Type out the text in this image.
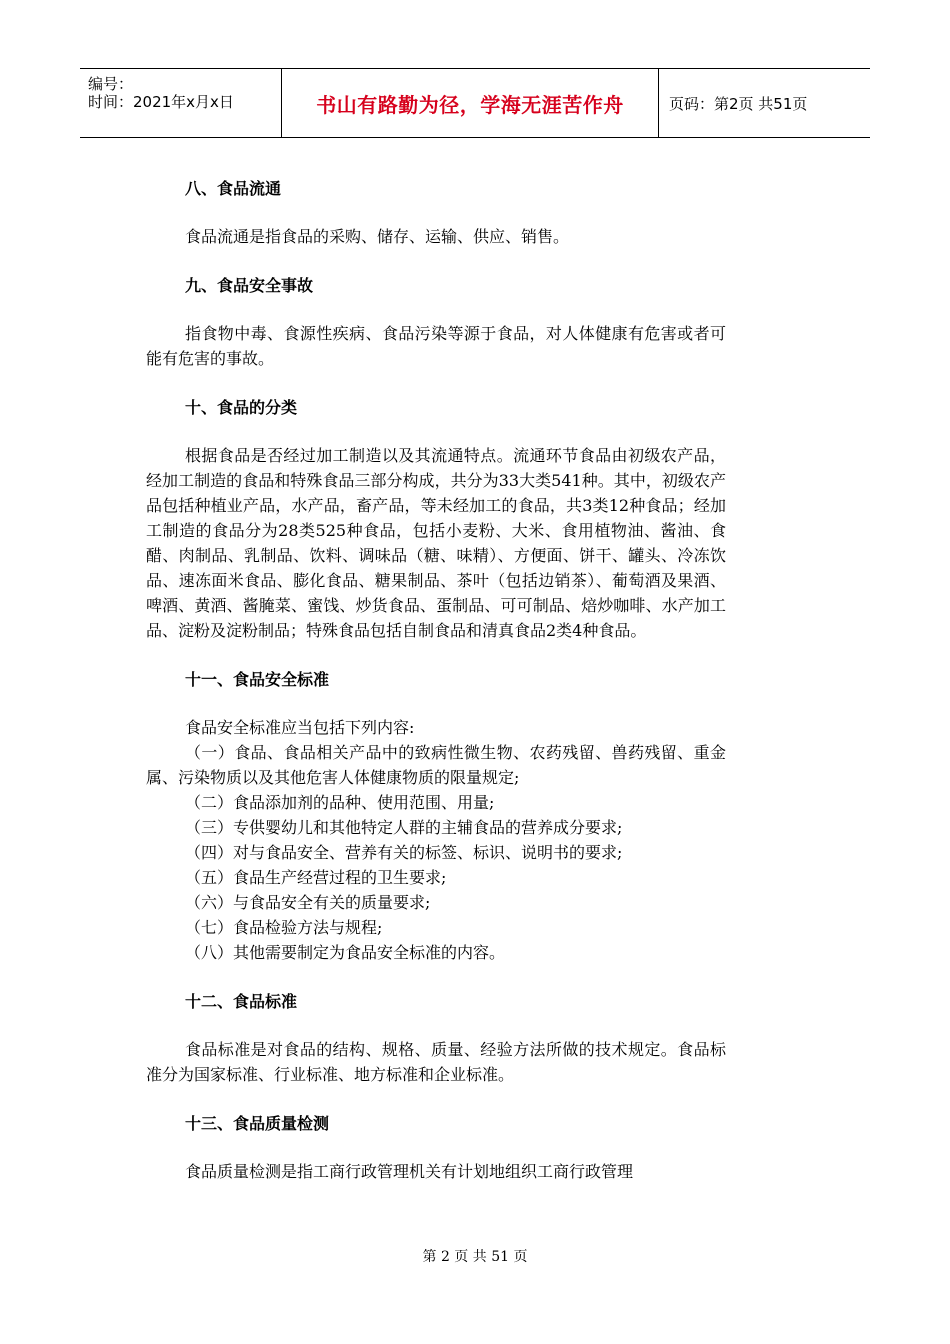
编号：
时间：2021年x月x日	书山有路勤为径，学海无涯苦作舟	页码：第2页 共51页
八、食品流通

食品流通是指食品的采购、储存、运输、供应、销售。

九、食品安全事故

指食物中毒、食源性疾病、食品污染等源于食品，对人体健康有危害或者可能有危害的事故。

十、食品的分类

根据食品是否经过加工制造以及其流通特点。流通环节食品由初级农产品，经加工制造的食品和特殊食品三部分构成，共分为33大类541种。其中，初级农产品包括种植业产品，水产品，畜产品，等未经加工的食品，共3类12种食品；经加工制造的食品分为28类525种食品，包括小麦粉、大米、食用植物油、酱油、食醋、肉制品、乳制品、饮料、调味品（糖、味精）、方便面、饼干、罐头、冷冻饮品、速冻面米食品、膨化食品、糖果制品、茶叶（包括边销茶）、葡萄酒及果酒、啤酒、黄酒、酱腌菜、蜜饯、炒货食品、蛋制品、可可制品、焙炒咖啡、水产加工品、淀粉及淀粉制品；特殊食品包括自制食品和清真食品2类4种食品。

十一、食品安全标准

食品安全标准应当包括下列内容:

（一）食品、食品相关产品中的致病性微生物、农药残留、兽药残留、重金属、污染物质以及其他危害人体健康物质的限量规定;

（二）食品添加剂的品种、使用范围、用量;

（三）专供婴幼儿和其他特定人群的主辅食品的营养成分要求;

（四）对与食品安全、营养有关的标签、标识、说明书的要求;

（五）食品生产经营过程的卫生要求;

（六）与食品安全有关的质量要求;

（七）食品检验方法与规程;

（八）其他需要制定为食品安全标准的内容。

十二、食品标准

食品标准是对食品的结构、规格、质量、经验方法所做的技术规定。食品标准分为国家标准、行业标准、地方标准和企业标准。

十三、食品质量检测

食品质量检测是指工商行政管理机关有计划地组织工商行政管理

第 2 页 共 51 页
